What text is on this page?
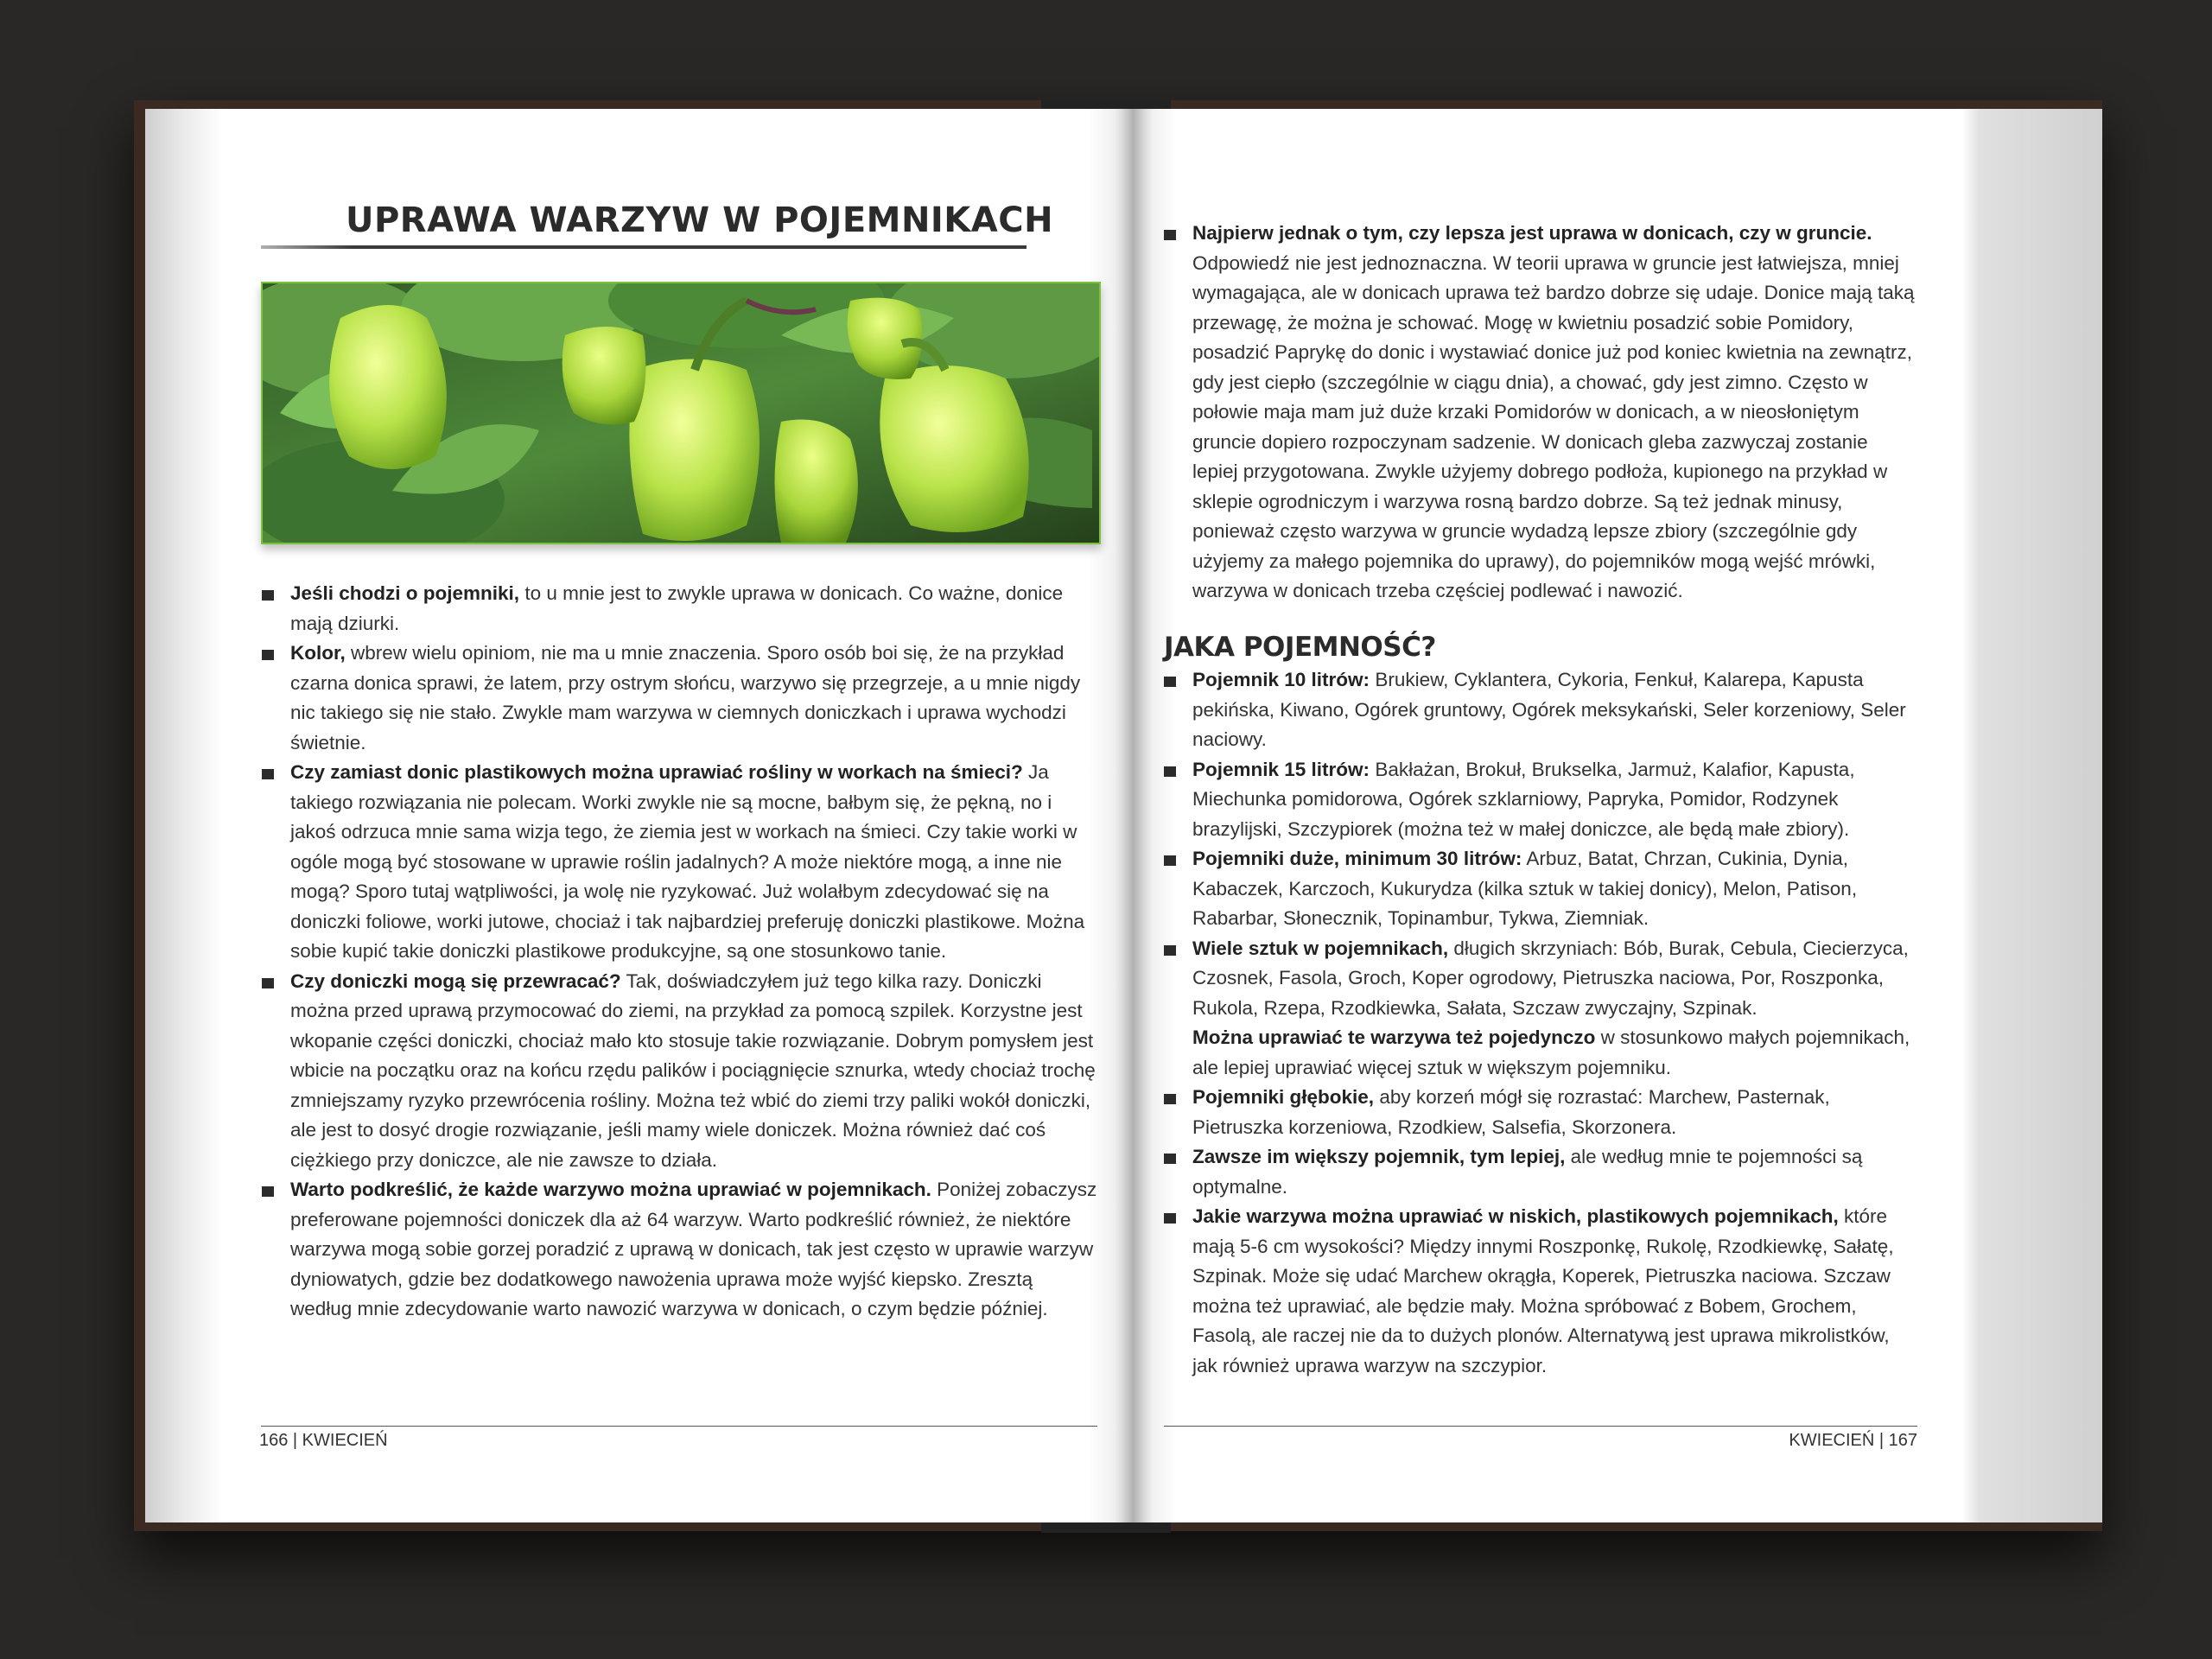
UPRAWA WARZYW W POJEMNIKACH

Jeśli chodzi o pojemniki, to u mnie jest to zwykle uprawa w donicach. Co ważne, donice mają dziurki.

Kolor, wbrew wielu opiniom, nie ma u mnie znaczenia. Sporo osób boi się, że na przykład czarna donica sprawi, że latem, przy ostrym słońcu, warzywo się przegrzeje, a u mnie nigdy nic takiego się nie stało. Zwykle mam warzywa w ciemnych doniczkach i uprawa wychodzi świetnie.

Czy zamiast donic plastikowych można uprawiać rośliny w workach na śmieci? Ja takiego rozwiązania nie polecam. Worki zwykle nie są mocne, bałbym się, że pękną, no i jakoś odrzuca mnie sama wizja tego, że ziemia jest w workach na śmieci. Czy takie worki w ogóle mogą być stosowane w uprawie roślin jadalnych? A może niektóre mogą, a inne nie mogą? Sporo tutaj wątpliwości, ja wolę nie ryzykować. Już wolałbym zdecydować się na doniczki foliowe, worki jutowe, chociaż i tak najbardziej preferuję doniczki plastikowe. Można sobie kupić takie doniczki plastikowe produkcyjne, są one stosunkowo tanie.

Czy doniczki mogą się przewracać? Tak, doświadczyłem już tego kilka razy. Doniczki można przed uprawą przymocować do ziemi, na przykład za pomocą szpilek. Korzystne jest wkopanie części doniczki, chociaż mało kto stosuje takie rozwiązanie. Dobrym pomysłem jest wbicie na początku oraz na końcu rzędu palików i pociągnięcie sznurka, wtedy chociaż trochę zmniejszamy ryzyko przewrócenia rośliny. Można też wbić do ziemi trzy paliki wokół doniczki, ale jest to dosyć drogie rozwiązanie, jeśli mamy wiele doniczek. Można również dać coś ciężkiego przy doniczce, ale nie zawsze to działa.

Warto podkreślić, że każde warzywo można uprawiać w pojemnikach. Poniżej zobaczysz preferowane pojemności doniczek dla aż 64 warzyw. Warto podkreślić również, że niektóre warzywa mogą sobie gorzej poradzić z uprawą w donicach, tak jest często w uprawie warzyw dyniowatych, gdzie bez dodatkowego nawożenia uprawa może wyjść kiepsko. Zresztą według mnie zdecydowanie warto nawozić warzywa w donicach, o czym będzie później.

166 | KWIECIEŃ

Najpierw jednak o tym, czy lepsza jest uprawa w donicach, czy w gruncie. Odpowiedź nie jest jednoznaczna. W teorii uprawa w gruncie jest łatwiejsza, mniej wymagająca, ale w donicach uprawa też bardzo dobrze się udaje. Donice mają taką przewagę, że można je schować. Mogę w kwietniu posadzić sobie Pomidory, posadzić Paprykę do donic i wystawiać donice już pod koniec kwietnia na zewnątrz, gdy jest ciepło (szczególnie w ciągu dnia), a chować, gdy jest zimno. Często w połowie maja mam już duże krzaki Pomidorów w donicach, a w nieosłoniętym gruncie dopiero rozpoczynam sadzenie. W donicach gleba zazwyczaj zostanie lepiej przygotowana. Zwykle użyjemy dobrego podłoża, kupionego na przykład w sklepie ogrodniczym i warzywa rosną bardzo dobrze. Są też jednak minusy, ponieważ często warzywa w gruncie wydadzą lepsze zbiory (szczególnie gdy użyjemy za małego pojemnika do uprawy), do pojemników mogą wejść mrówki, warzywa w donicach trzeba częściej podlewać i nawozić.

JAKA POJEMNOŚĆ?

Pojemnik 10 litrów: Brukiew, Cyklantera, Cykoria, Fenkuł, Kalarepa, Kapusta pekińska, Kiwano, Ogórek gruntowy, Ogórek meksykański, Seler korzeniowy, Seler naciowy.

Pojemnik 15 litrów: Bakłażan, Brokuł, Brukselka, Jarmuż, Kalafior, Kapusta, Miechunka pomidorowa, Ogórek szklarniowy, Papryka, Pomidor, Rodzynek brazylijski, Szczypiorek (można też w małej doniczce, ale będą małe zbiory).

Pojemniki duże, minimum 30 litrów: Arbuz, Batat, Chrzan, Cukinia, Dynia, Kabaczek, Karczoch, Kukurydza (kilka sztuk w takiej donicy), Melon, Patison, Rabarbar, Słonecznik, Topinambur, Tykwa, Ziemniak.

Wiele sztuk w pojemnikach, długich skrzyniach: Bób, Burak, Cebula, Ciecierzyca, Czosnek, Fasola, Groch, Koper ogrodowy, Pietruszka naciowa, Por, Roszponka, Rukola, Rzepa, Rzodkiewka, Sałata, Szczaw zwyczajny, Szpinak.

Można uprawiać te warzywa też pojedynczo w stosunkowo małych pojemnikach, ale lepiej uprawiać więcej sztuk w większym pojemniku.

Pojemniki głębokie, aby korzeń mógł się rozrastać: Marchew, Pasternak, Pietruszka korzeniowa, Rzodkiew, Salsefia, Skorzonera.

Zawsze im większy pojemnik, tym lepiej, ale według mnie te pojemności są optymalne.

Jakie warzywa można uprawiać w niskich, plastikowych pojemnikach, które mają 5-6 cm wysokości? Między innymi Roszponkę, Rukolę, Rzodkiewkę, Sałatę, Szpinak. Może się udać Marchew okrągła, Koperek, Pietruszka naciowa. Szczaw można też uprawiać, ale będzie mały. Można spróbować z Bobem, Grochem, Fasolą, ale raczej nie da to dużych plonów. Alternatywą jest uprawa mikrolistków, jak również uprawa warzyw na szczypior.

KWIECIEŃ | 167
